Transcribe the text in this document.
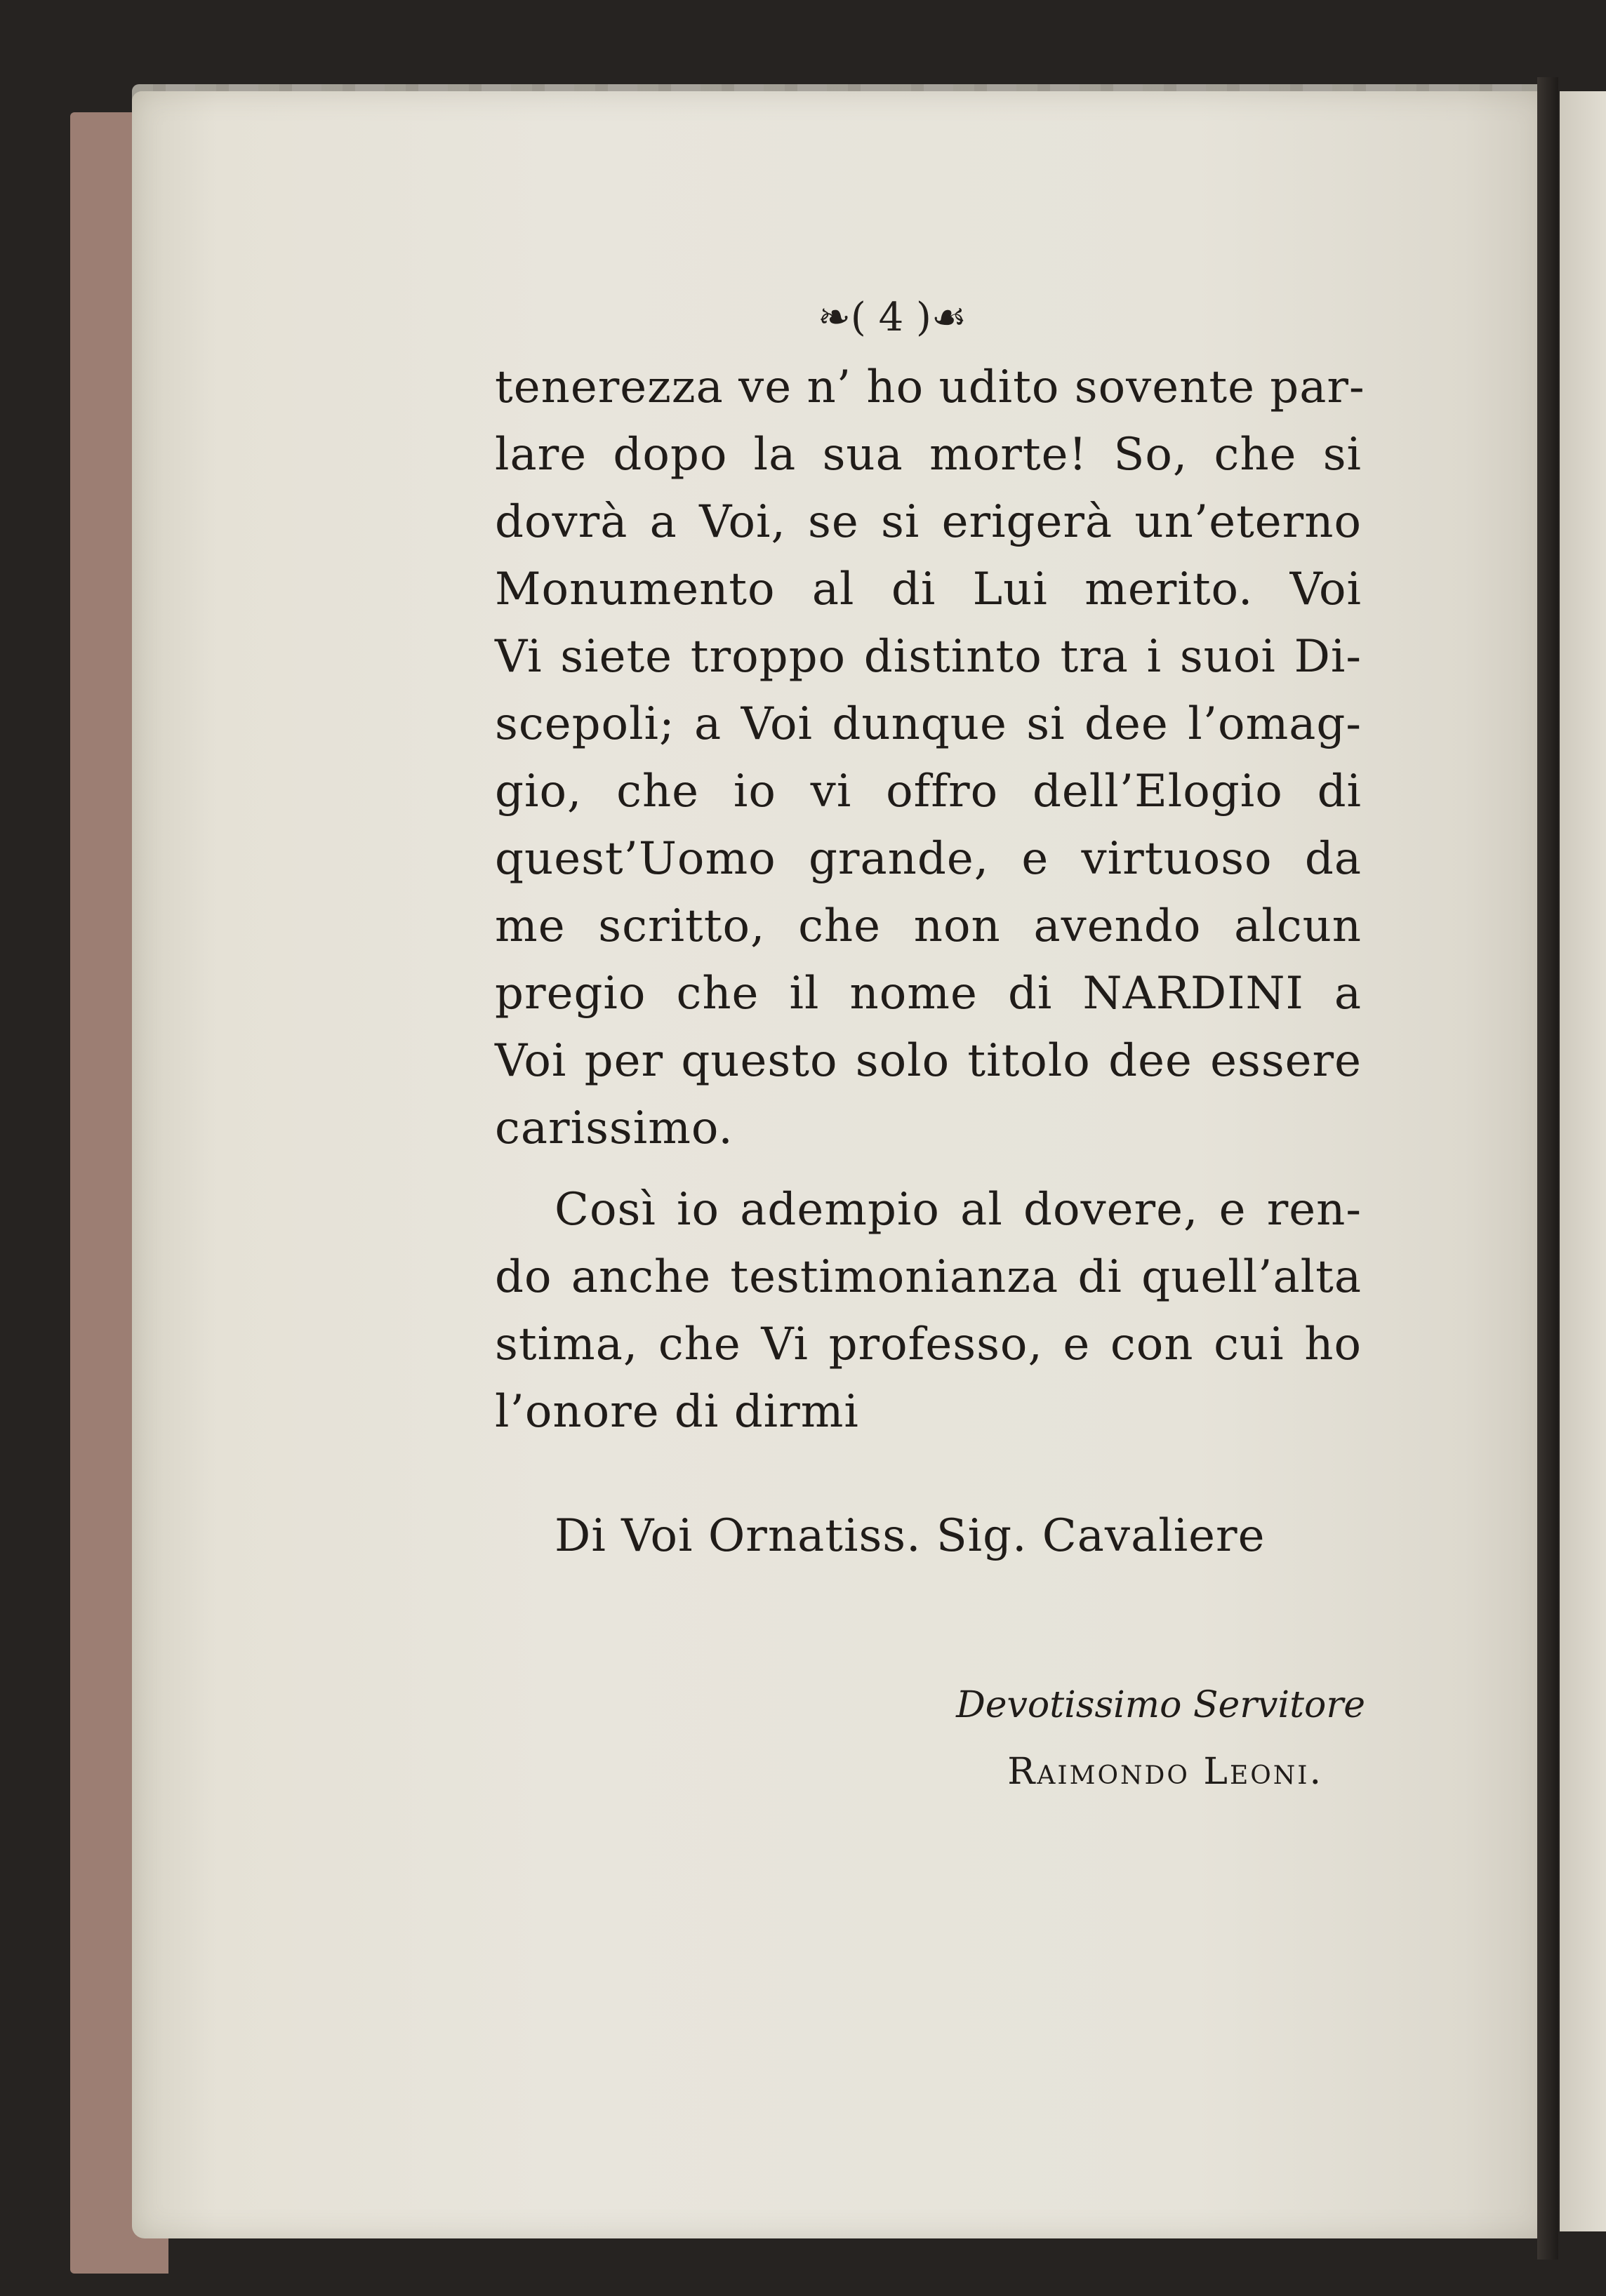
❧( 4 )☙
tenerezza ve n’ ho udito sovente par-
lare dopo la sua morte! So, che si
dovrà a Voi, se si erigerà un’eterno
Monumento al di Lui merito. Voi
Vi siete troppo distinto tra i suoi Di-
scepoli; a Voi dunque si dee l’omag-
gio, che io vi offro dell’Elogio di
quest’Uomo grande, e virtuoso da
me scritto, che non avendo alcun
pregio che il nome di NARDINI a
Voi per questo solo titolo dee essere
carissimo.
Così io adempio al dovere, e ren-
do anche testimonianza di quell’alta
stima, che Vi professo, e con cui ho
l’onore di dirmi
Di Voi Ornatiss. Sig. Cavaliere
Devotissimo Servitore
Raimondo Leoni.
